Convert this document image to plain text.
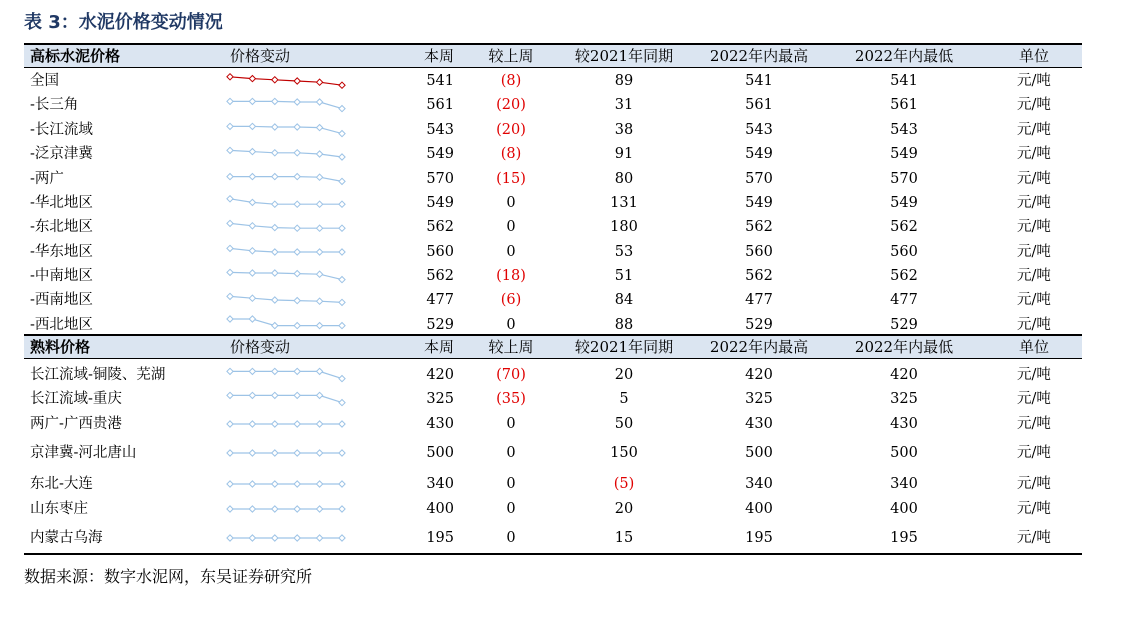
表 3：水泥价格变动情况
高标水泥价格	价格变动	本周	较上周	较2021年同期	2022年内最高	2022年内最低	单位
全国	541	(8)	89	541	541	元/吨
-长三角	561	(20)	31	561	561	元/吨
-长江流域	543	(20)	38	543	543	元/吨
-泛京津冀	549	(8)	91	549	549	元/吨
-两广	570	(15)	80	570	570	元/吨
-华北地区	549	0	131	549	549	元/吨
-东北地区	562	0	180	562	562	元/吨
-华东地区	560	0	53	560	560	元/吨
-中南地区	562	(18)	51	562	562	元/吨
-西南地区	477	(6)	84	477	477	元/吨
-西北地区	529	0	88	529	529	元/吨
熟料价格	价格变动	本周	较上周	较2021年同期	2022年内最高	2022年内最低	单位
长江流域-铜陵、芜湖	420	(70)	20	420	420	元/吨
长江流域-重庆	325	(35)	5	325	325	元/吨
两广-广西贵港	430	0	50	430	430	元/吨
京津冀-河北唐山	500	0	150	500	500	元/吨
东北-大连	340	0	(5)	340	340	元/吨
山东枣庄	400	0	20	400	400	元/吨
内蒙古乌海	195	0	15	195	195	元/吨
数据来源：数字水泥网，东吴证券研究所
